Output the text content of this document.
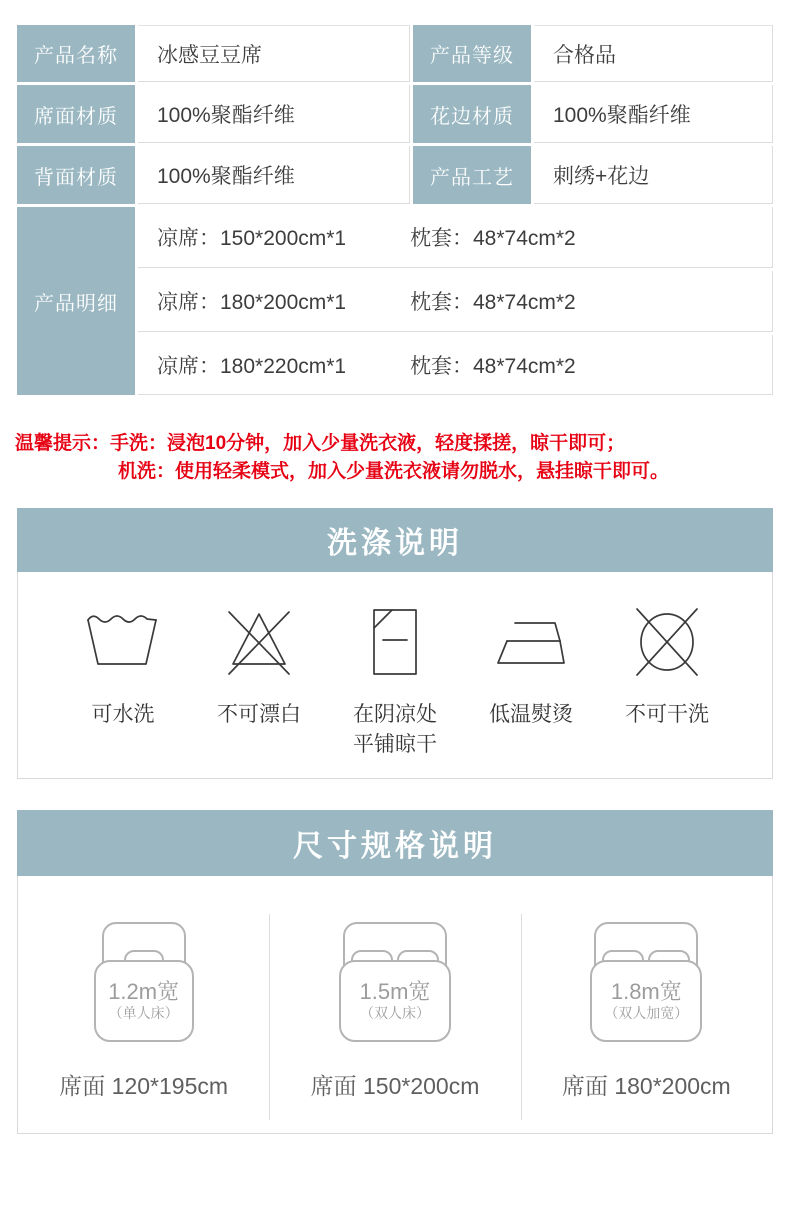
产品名称	冰感豆豆席	产品等级	合格品
席面材质	100%聚酯纤维	花边材质	100%聚酯纤维
背面材质	100%聚酯纤维	产品工艺	刺绣+花边
产品明细
凉席：150*200cm*1	枕套：48*74cm*2
凉席：180*200cm*1	枕套：48*74cm*2
凉席：180*220cm*1	枕套：48*74cm*2
温馨提示：手洗：浸泡10分钟，加入少量洗衣液，轻度揉搓，晾干即可；
机洗：使用轻柔模式，加入少量洗衣液请勿脱水，悬挂晾干即可。
洗涤说明
可水洗	不可漂白	在阴凉处
平铺晾干
低温熨烫	不可干洗
尺寸规格说明
1.2m宽
（单人床）
席面 120*195cm
1.5m宽
（双人床）
席面 150*200cm
1.8m宽
（双人加宽）
席面 180*200cm
